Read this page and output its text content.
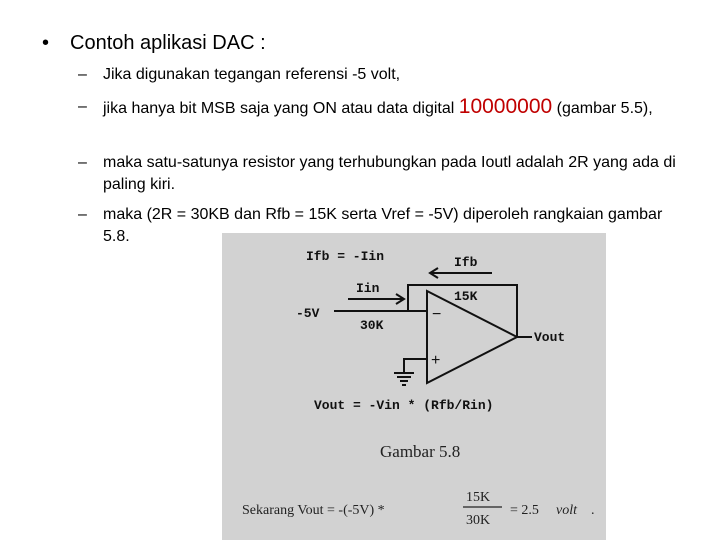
• Contoh aplikasi DAC :
–	Jika digunakan tegangan referensi -5 volt,
–	jika hanya bit MSB saja yang ON atau data digital 10000000 (gambar 5.5),
–	maka satu-satunya resistor yang terhubungkan pada Ioutl adalah 2R yang ada di paling kiri.
–	maka (2R = 30KB dan Rfb = 15K serta Vref = -5V) diperoleh rangkaian gambar 5.8.
Ifb = -Iin	Ifb
Iin
15K
-5V
30K
Vout
Vout = -Vin * (Rfb/Rin)
−
+
Gambar 5.8
Sekarang Vout = -(-5V) *
15K
30K
= 2.5 volt .
